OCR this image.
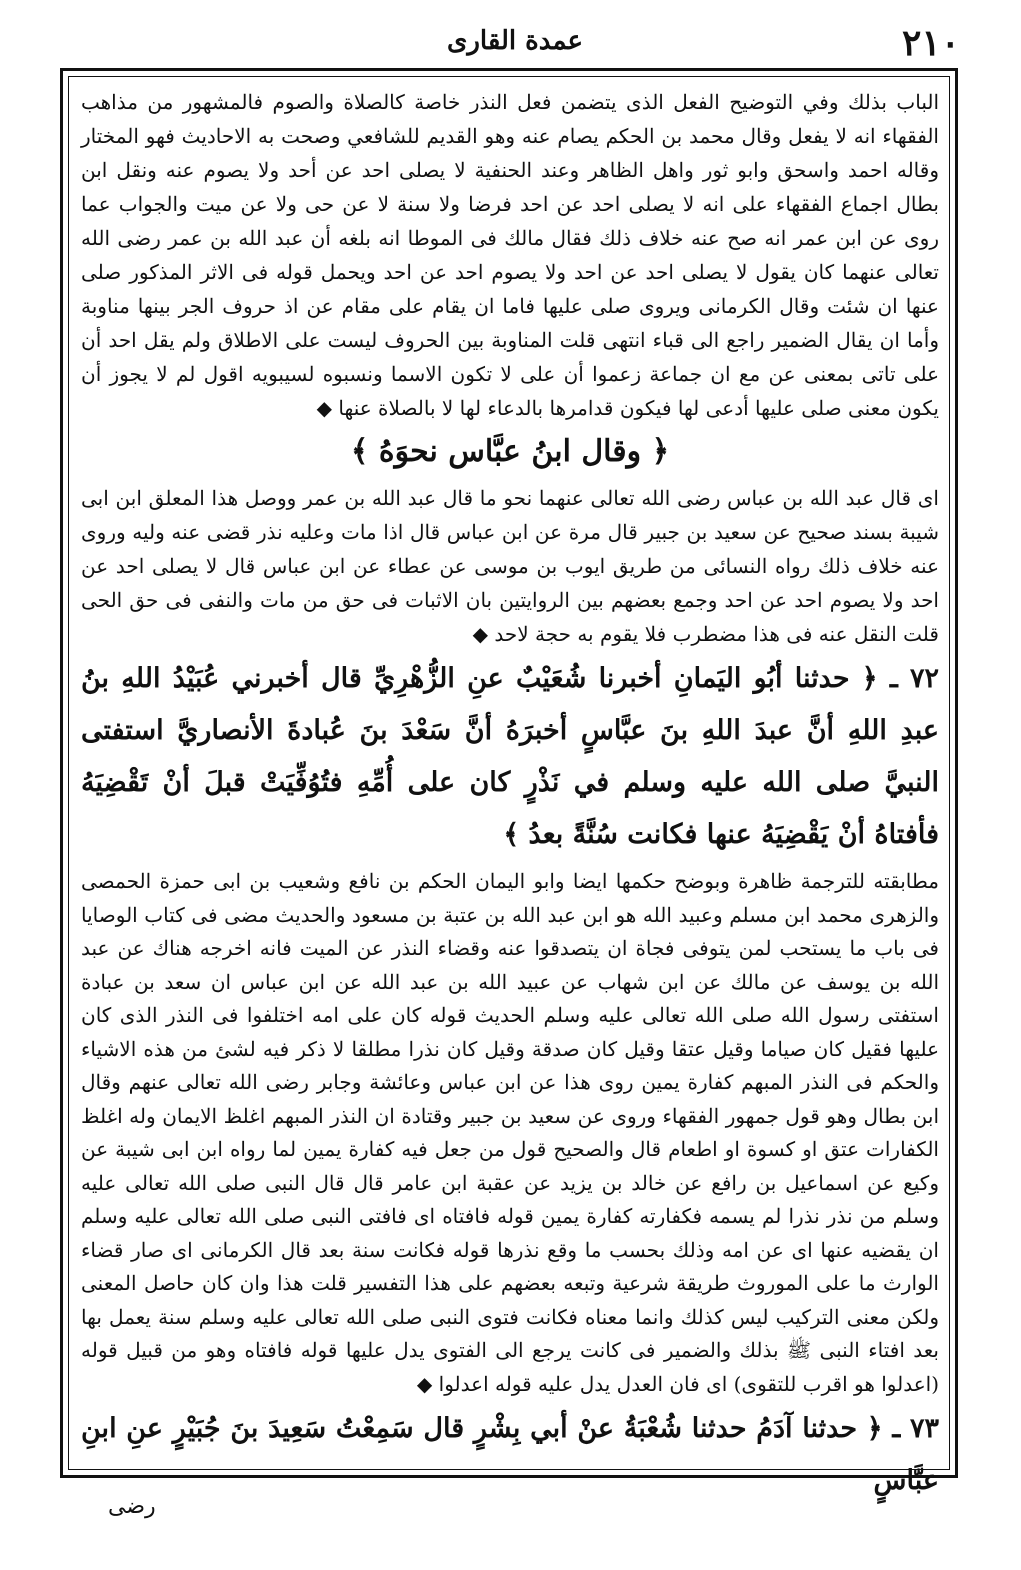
٢١٠
عمدة القارى

الباب بذلك وفي التوضيح الفعل الذى يتضمن فعل النذر خاصة كالصلاة والصوم فالمشهور من مذاهب الفقهاء انه لا يفعل وقال محمد بن الحكم يصام عنه وهو القديم للشافعي وصحت به الاحاديث فهو المختار وقاله احمد واسحق وابو ثور واهل الظاهر وعند الحنفية لا يصلى احد عن أحد ولا يصوم عنه ونقل ابن بطال اجماع الفقهاء على انه لا يصلى احد عن احد فرضا ولا سنة لا عن حى ولا عن ميت والجواب عما روى عن ابن عمر انه صح عنه خلاف ذلك فقال مالك فى الموطا انه بلغه أن عبد الله بن عمر رضى الله تعالى عنهما كان يقول لا يصلى احد عن احد ولا يصوم احد عن احد ويحمل قوله فى الاثر المذكور صلى عنها ان شئت وقال الكرمانى ويروى صلى عليها فاما ان يقام على مقام عن اذ حروف الجر بينها مناوبة وأما ان يقال الضمير راجع الى قباء انتهى قلت المناوبة بين الحروف ليست على الاطلاق ولم يقل احد أن على تاتى بمعنى عن مع ان جماعة زعموا أن على لا تكون الاسما ونسبوه لسيبويه اقول لم لا يجوز أن يكون معنى صلى عليها أدعى لها فيكون قدامرها بالدعاء لها لا بالصلاة عنها ◆

﴿ وقال ابنُ عبَّاس نحوَهُ ﴾

اى قال عبد الله بن عباس رضى الله تعالى عنهما نحو ما قال عبد الله بن عمر ووصل هذا المعلق ابن ابى شيبة بسند صحيح عن سعيد بن جبير قال مرة عن ابن عباس قال اذا مات وعليه نذر قضى عنه وليه وروى عنه خلاف ذلك رواه النسائى من طريق ايوب بن موسى عن عطاء عن ابن عباس قال لا يصلى احد عن احد ولا يصوم احد عن احد وجمع بعضهم بين الروايتين بان الاثبات فى حق من مات والنفى فى حق الحى قلت النقل عنه فى هذا مضطرب فلا يقوم به حجة لاحد ◆

٧٢ ـ ﴿ حدثنا أبُو اليَمانِ أخبرنا شُعَيْبٌ عنِ الزُّهْرِيِّ قال أخبرني عُبَيْدُ اللهِ بنُ عبدِ اللهِ أنَّ عبدَ اللهِ بنَ عبَّاسٍ أخبرَهُ أنَّ سَعْدَ بنَ عُبادةَ الأنصاريَّ استفتى النبيَّ صلى الله عليه وسلم في نَذْرٍ كان على أُمِّهِ فتُوُفِّيَتْ قبلَ أنْ تَقْضِيَهُ فأفتاهُ أنْ يَقْضِيَهُ عنها فكانت سُنَّةً بعدُ ﴾

مطابقته للترجمة ظاهرة وبوضح حكمها ايضا وابو اليمان الحكم بن نافع وشعيب بن ابى حمزة الحمصى والزهرى محمد ابن مسلم وعبيد الله هو ابن عبد الله بن عتبة بن مسعود والحديث مضى فى كتاب الوصايا فى باب ما يستحب لمن يتوفى فجاة ان يتصدقوا عنه وقضاء النذر عن الميت فانه اخرجه هناك عن عبد الله بن يوسف عن مالك عن ابن شهاب عن عبيد الله بن عبد الله عن ابن عباس ان سعد بن عبادة استفتى رسول الله صلى الله تعالى عليه وسلم الحديث قوله كان على امه اختلفوا فى النذر الذى كان عليها فقيل كان صياما وقيل عتقا وقيل كان صدقة وقيل كان نذرا مطلقا لا ذكر فيه لشئ من هذه الاشياء والحكم فى النذر المبهم كفارة يمين روى هذا عن ابن عباس وعائشة وجابر رضى الله تعالى عنهم وقال ابن بطال وهو قول جمهور الفقهاء وروى عن سعيد بن جبير وقتادة ان النذر المبهم اغلظ الايمان وله اغلظ الكفارات عتق او كسوة او اطعام قال والصحيح قول من جعل فيه كفارة يمين لما رواه ابن ابى شيبة عن وكيع عن اسماعيل بن رافع عن خالد بن يزيد عن عقبة ابن عامر قال قال النبى صلى الله تعالى عليه وسلم من نذر نذرا لم يسمه فكفارته كفارة يمين قوله فافتاه اى فافتى النبى صلى الله تعالى عليه وسلم ان يقضيه عنها اى عن امه وذلك بحسب ما وقع نذرها قوله فكانت سنة بعد قال الكرمانى اى صار قضاء الوارث ما على الموروث طريقة شرعية وتبعه بعضهم على هذا التفسير قلت هذا وان كان حاصل المعنى ولكن معنى التركيب ليس كذلك وانما معناه فكانت فتوى النبى صلى الله تعالى عليه وسلم سنة يعمل بها بعد افتاء النبى ﷺ بذلك والضمير فى كانت يرجع الى الفتوى يدل عليها قوله فافتاه وهو من قبيل قوله (اعدلوا هو اقرب للتقوى) اى فان العدل يدل عليه قوله اعدلوا ◆

٧٣ ـ ﴿ حدثنا آدَمُ حدثنا شُعْبَةُ عنْ أبي بِشْرٍ قال سَمِعْتُ سَعِيدَ بنَ جُبَيْرٍ عنِ ابنِ عبَّاسٍ

رضى
